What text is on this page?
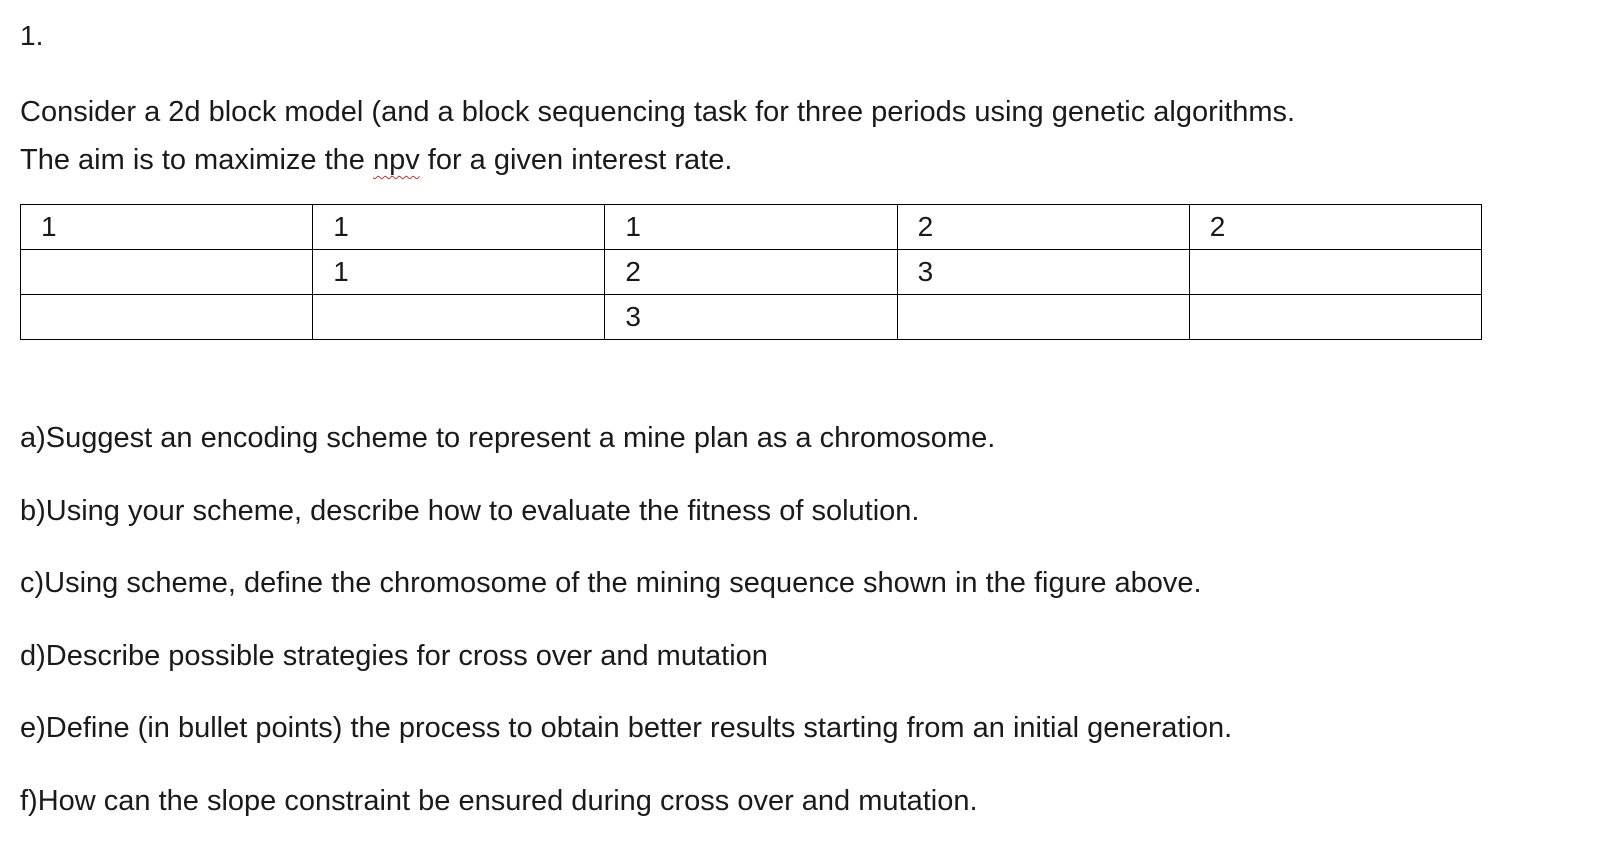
1.

Consider a 2d block model (and a block sequencing task for three periods using genetic algorithms.
The aim is to maximize the npv for a given interest rate.

1	1	1	2	2
	1	2	3	
		3		
a)Suggest an encoding scheme to represent a mine plan as a chromosome.
b)Using your scheme, describe how to evaluate the fitness of solution.
c)Using scheme, define the chromosome of the mining sequence shown in the figure above.
d)Describe possible strategies for cross over and mutation
e)Define (in bullet points) the process to obtain better results starting from an initial generation.
f)How can the slope constraint be ensured during cross over and mutation.
